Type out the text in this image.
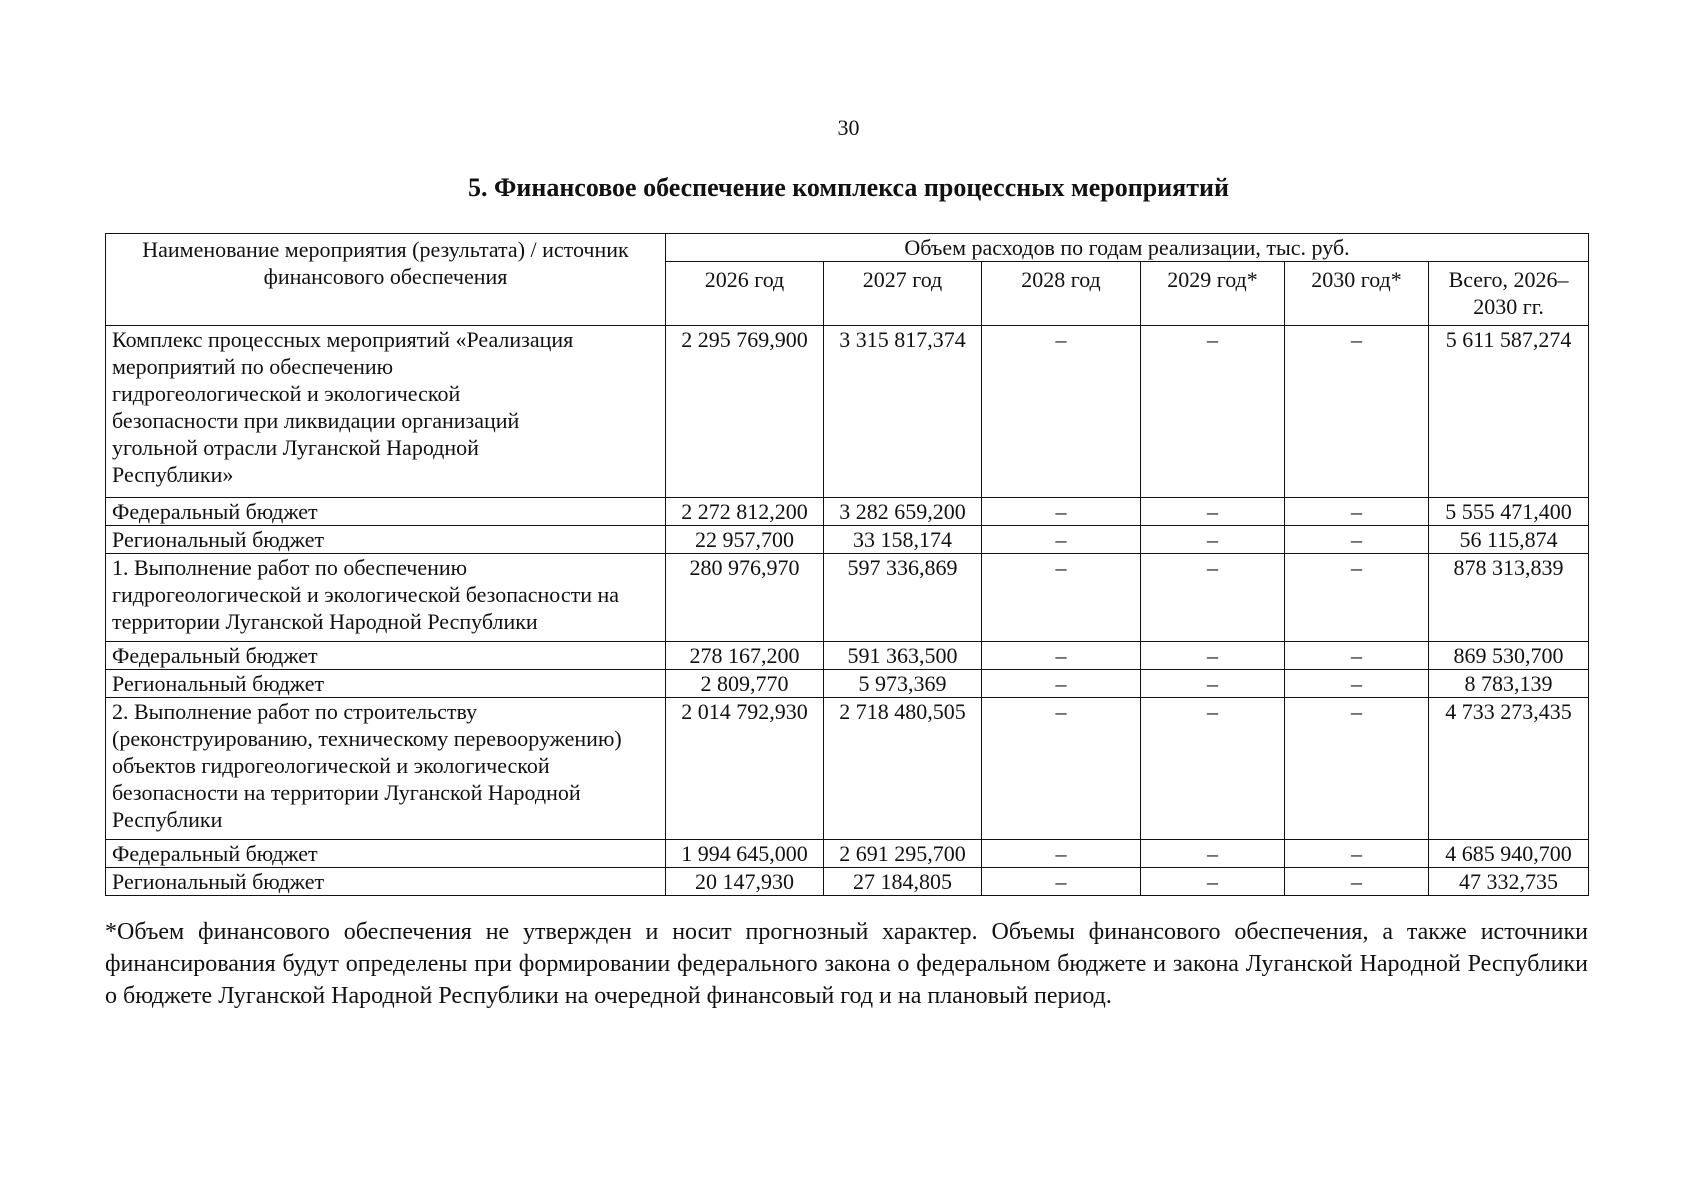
30
5. Финансовое обеспечение комплекса процессных мероприятий
Наименование мероприятия (результата) / источник финансового обеспечения	Объем расходов по годам реализации, тыс. руб.					
	2026 год	2027 год	2028 год	2029 год*	2030 год*	Всего, 2026–2030 гг.
Комплекс процессных мероприятий «Реализация мероприятий по обеспечению гидрогеологической и экологической безопасности при ликвидации организаций угольной отрасли Луганской Народной Республики»	2 295 769,900	3 315 817,374	–	–	–	5 611 587,274
Федеральный бюджет	2 272 812,200	3 282 659,200	–	–	–	5 555 471,400
Региональный бюджет	22 957,700	33 158,174	–	–	–	56 115,874
1. Выполнение работ по обеспечению гидрогеологической и экологической безопасности на территории Луганской Народной Республики	280 976,970	597 336,869	–	–	–	878 313,839
Федеральный бюджет	278 167,200	591 363,500	–	–	–	869 530,700
Региональный бюджет	2 809,770	5 973,369	–	–	–	8 783,139
2. Выполнение работ по строительству (реконструированию, техническому перевооружению) объектов гидрогеологической и экологической безопасности на территории Луганской Народной Республики	2 014 792,930	2 718 480,505	–	–	–	4 733 273,435
Федеральный бюджет	1 994 645,000	2 691 295,700	–	–	–	4 685 940,700
Региональный бюджет	20 147,930	27 184,805	–	–	–	47 332,735
*Объем финансового обеспечения не утвержден и носит прогнозный характер. Объемы финансового обеспечения, а также источники финансирования будут определены при формировании федерального закона о федеральном бюджете и закона Луганской Народной Республики о бюджете Луганской Народной Республики на очередной финансовый год и на плановый период.
